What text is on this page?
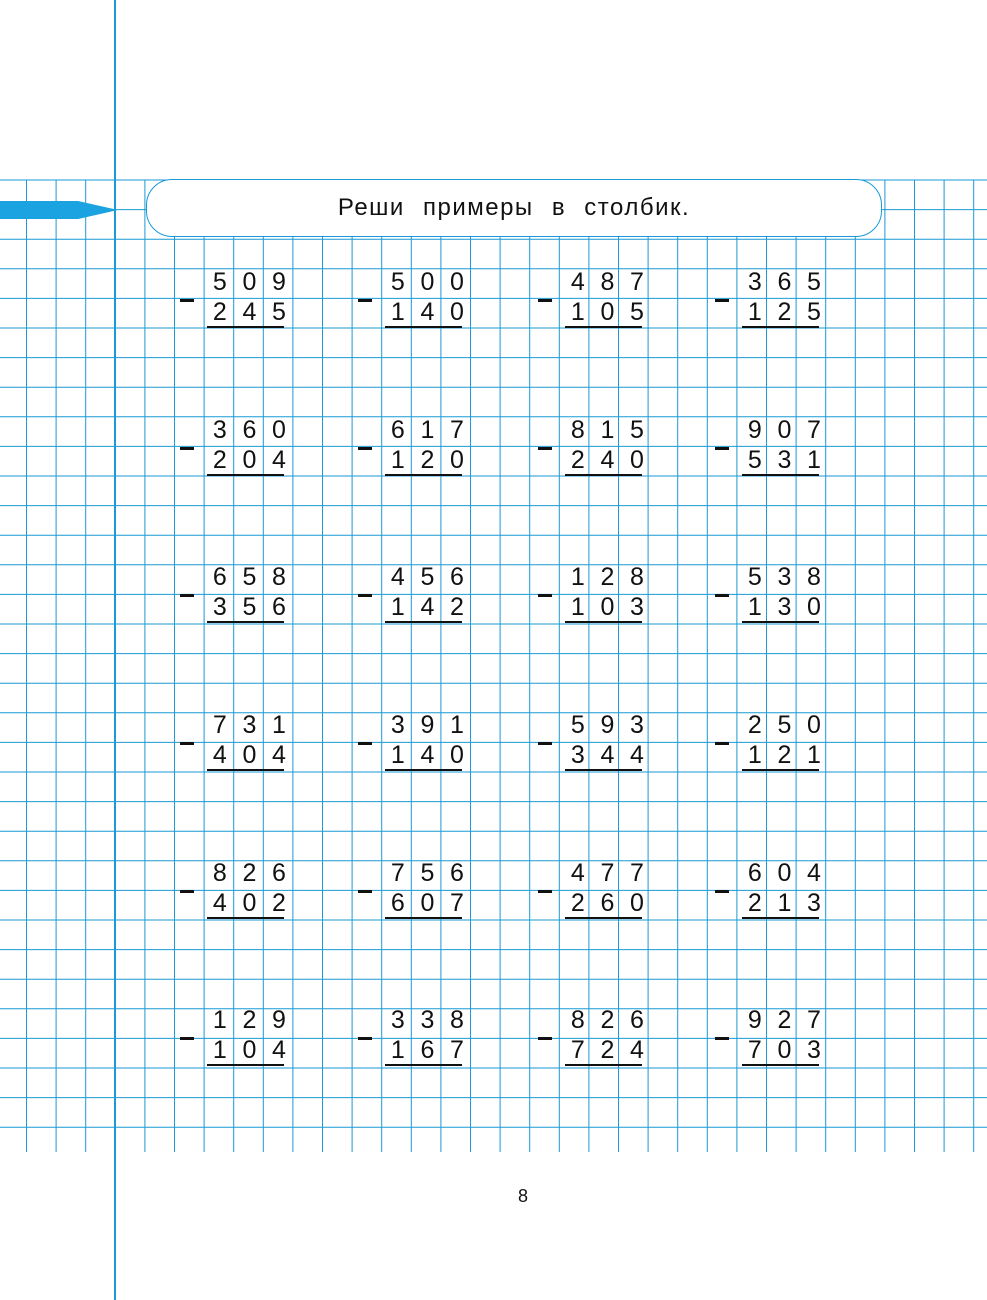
Реши примеры в столбик.
5 0 9
2 4 5
5 0 0
1 4 0
4 8 7
1 0 5
3 6 5
1 2 5
3 6 0
2 0 4
6 1 7
1 2 0
8 1 5
2 4 0
9 0 7
5 3 1
6 5 8
3 5 6
4 5 6
1 4 2
1 2 8
1 0 3
5 3 8
1 3 0
7 3 1
4 0 4
3 9 1
1 4 0
5 9 3
3 4 4
2 5 0
1 2 1
8 2 6
4 0 2
7 5 6
6 0 7
4 7 7
2 6 0
6 0 4
2 1 3
1 2 9
1 0 4
3 3 8
1 6 7
8 2 6
7 2 4
9 2 7
7 0 3
8
